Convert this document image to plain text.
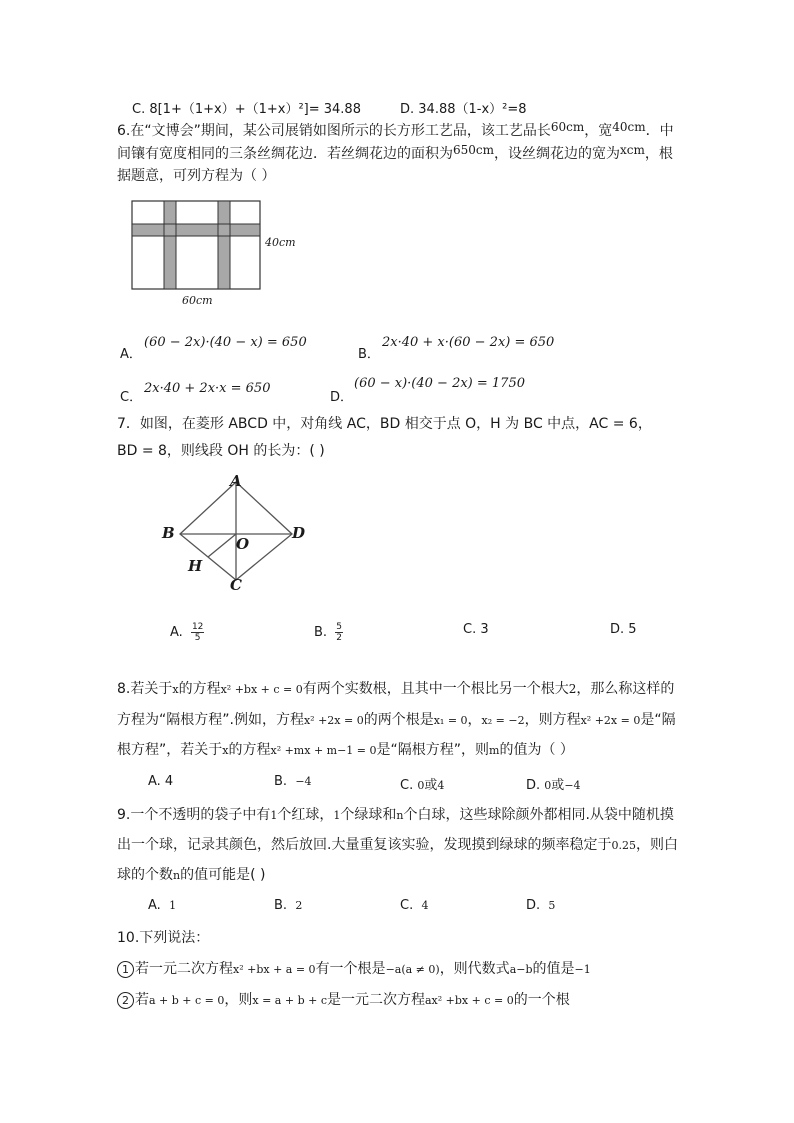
C. 8[1+（1+x）+（1+x）²]= 34.88	D. 34.88（1-x）²=8
6.在“文博会”期间，某公司展销如图所示的长方形工艺品，该工艺品长60cm，宽40cm．中
间镶有宽度相同的三条丝绸花边．若丝绸花边的面积为650cm，设丝绸花边的宽为xcm，根
据题意，可列方程为（ ）
40cm
60cm
A．
(60 − 2x)·(40 − x) = 650
B．
2x·40 + x·(60 − 2x) = 650
C．
2x·40 + 2x·x = 650
D．
(60 − x)·(40 − 2x) = 1750
7．如图，在菱形 ABCD 中，对角线 AC，BD 相交于点 O，H 为 BC 中点，AC = 6，
BD = 8，则线段 OH 的长为：( )
A
B	D
O
H
C
A. $\frac{12}{5}$	B. $\frac{5}{2}$	C. 3	D. 5
8.若关于x的方程x² +bx + c = 0有两个实数根，且其中一个根比另一个根大2，那么称这样的
方程为“隔根方程”.例如，方程x² +2x = 0的两个根是x₁ = 0，x₂ = −2，则方程x² +2x = 0是“隔
根方程”，若关于x的方程x² +mx + m−1 = 0是“隔根方程”，则m的值为（ ）
A. 4	B. −4	C. 0或4	D. 0或−4
9.一个不透明的袋子中有1个红球，1个绿球和n个白球，这些球除颜外都相同.从袋中随机摸
出一个球，记录其颜色，然后放回.大量重复该实验，发现摸到绿球的频率稳定于0.25，则白
球的个数n的值可能是( )
A. 1	B. 2	C. 4	D. 5
10.下列说法：
1 若一元二次方程x² +bx + a = 0有一个根是−a(a ≠ 0)，则代数式a−b的值是−1
2 若a + b + c = 0，则x = a + b + c是一元二次方程ax² +bx + c = 0的一个根
